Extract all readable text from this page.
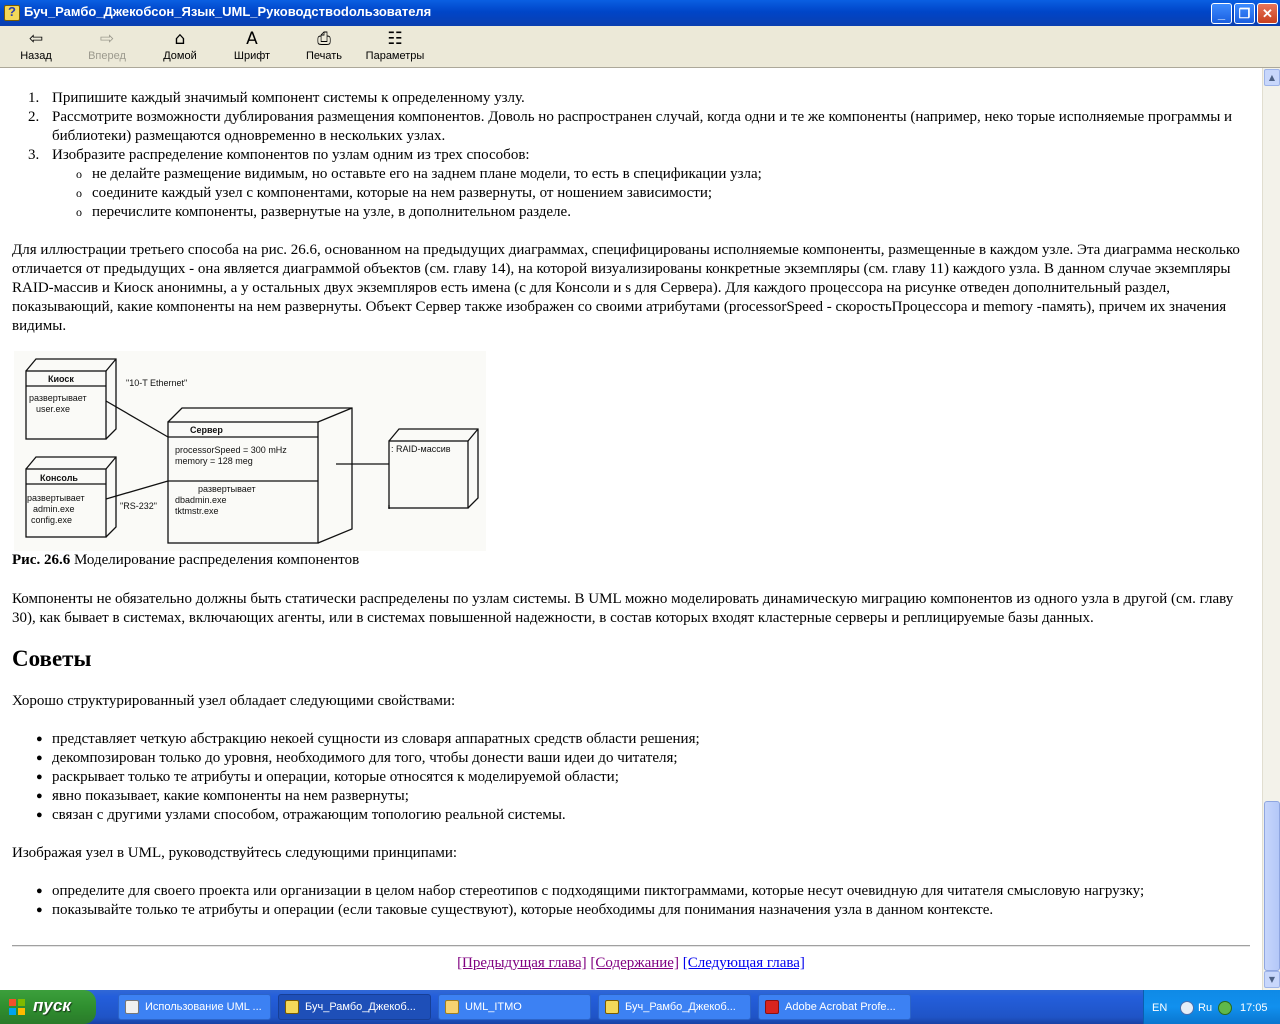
?
Буч_Рамбо_Джекобсон_Язык_UML_Руководствodользователя	_	❐ ✕
⇦
Назад
⇨
Вперед
⌂
Домой
A
Шрифт
⎙
Печать
☷
Параметры
1. Припишите каждый значимый компонент системы к определенному узлу.
2. Рассмотрите возможности дублирования размещения компонентов. Доволь но распространен случай, когда одни и те же компоненты (например, неко торые исполняемые программы и библиотеки) размещаются одновременно в нескольких узлах.
3. Изобразите распределение компонентов по узлам одним из трех способов:
o не делайте размещение видимым, но оставьте его на заднем плане модели, то есть в спецификации узла;
o соедините каждый узел с компонентами, которые на нем развернуты, от ношением зависимости;
o перечислите компоненты, развернутые на узле, в дополнительном разделе.
Для иллюстрации третьего способа на рис. 26.6, основанном на предыдущих диаграммах, специфицированы исполняемые компоненты, размещенные в каждом узле. Эта диаграмма несколько отличается от предыдущих - она является диаграммой объектов (см. главу 14), на которой визуализированы конкретные экземпляры (см. главу 11) каждого узла. В данном случае экземпляры RAID-массив и Киоск анонимны, а у остальных двух экземпляров есть имена (с для Консоли и s для Сервера). Для каждого процессора на рисунке отведен дополнительный раздел, показывающий, какие компоненты на нем развернуты. Объект Сервер также изображен со своими атрибутами (processorSpeed - скоростьПроцессора и memory -память), причем их значения видимы.
Киоск
развертывает
user.exe
"10-T Ethernet"
Сервер
processorSpeed = 300 mHz
memory = 128 meg
развертывает
dbadmin.exe
tktmstr.exe
: RAID-массив
Консоль
развертывает
admin.exe
config.exe
"RS-232"
Рис. 26.6 Моделирование распределения компонентов
Компоненты не обязательно должны быть статически распределены по узлам системы. В UML можно моделировать динамическую миграцию компонентов из одного узла в другой (см. главу 30), как бывает в системах, включающих агенты, или в системах повышенной надежности, в состав которых входят кластерные серверы и реплицируемые базы данных.
Советы
Хорошо структурированный узел обладает следующими свойствами:
● представляет четкую абстракцию некоей сущности из словаря аппаратных средств области решения;
● декомпозирован только до уровня, необходимого для того, чтобы донести ваши идеи до читателя;
● раскрывает только те атрибуты и операции, которые относятся к моделируемой области;
● явно показывает, какие компоненты на нем развернуты;
● связан с другими узлами способом, отражающим топологию реальной системы.
Изображая узел в UML, руководствуйтесь следующими принципами:
● определите для своего проекта или организации в целом набор стереотипов с подходящими пиктограммами, которые несут очевидную для читателя смысловую нагрузку;
● показывайте только те атрибуты и операции (если таковые существуют), которые необходимы для понимания назначения узла в данном контексте.
[Предыдущая глава] [Содержание] [Следующая глава]
▲
▼
пуск	Использование UML ...	Буч_Рамбо_Джекоб...	UML_ITMO	Буч_Рамбо_Джекоб...	Adobe Acrobat Profe...	EN	Ru	17:05
